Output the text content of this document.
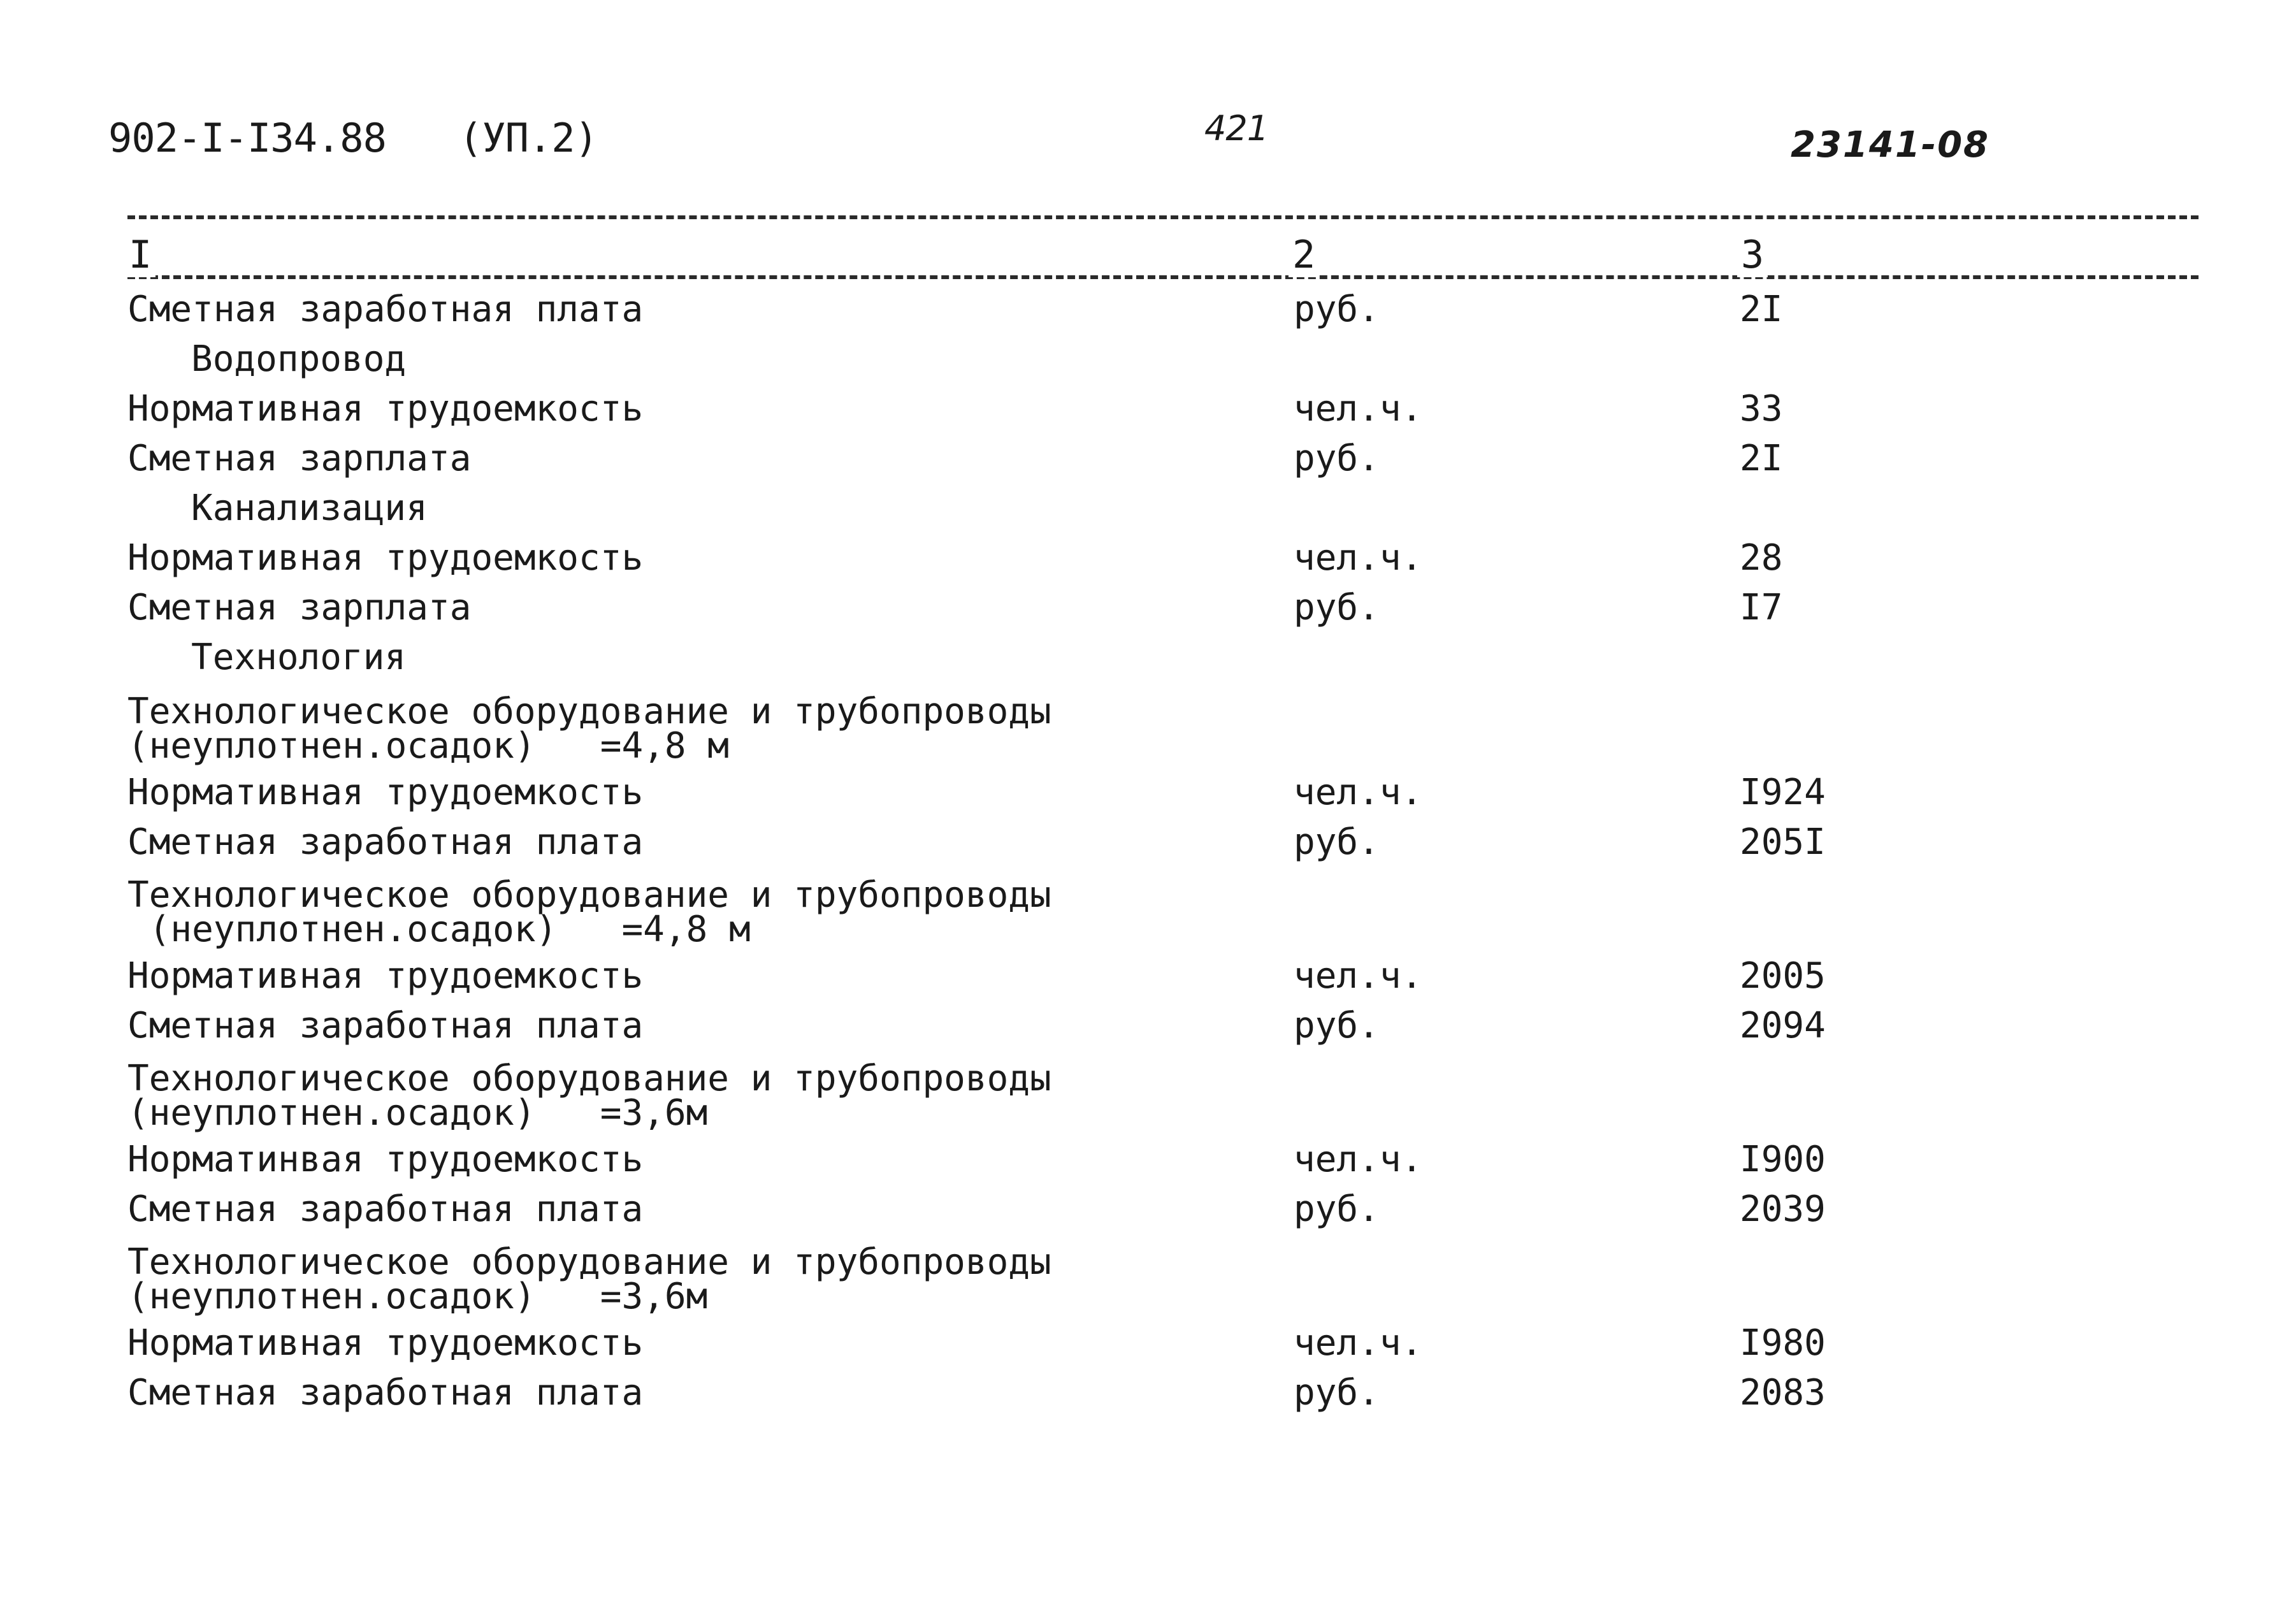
902-I-I34.88 (УП.2)	421	23141-08
I	2	3
Сметная заработная плата	руб.	2I
Водопровод
Нормативная трудоемкость	чел.ч.	33
Сметная зарплата	руб.	2I
Канализация
Нормативная трудоемкость	чел.ч.	28
Сметная зарплата	руб.	I7
Технология
Технологическое оборудование и трубопроводы
(неуплотнен.осадок)   =4,8 м
Нормативная трудоемкость	чел.ч.	I924
Сметная заработная плата	руб.	205I
Технологическое оборудование и трубопроводы
(неуплотнен.осадок)   =4,8 м
Нормативная трудоемкость	чел.ч.	2005
Сметная заработная плата	руб.	2094
Технологическое оборудование и трубопроводы
(неуплотнен.осадок)   =3,6м
Норматинвая трудоемкость	чел.ч.	I900
Сметная заработная плата	руб.	2039
Технологическое оборудование и трубопроводы
(неуплотнен.осадок)   =3,6м
Нормативная трудоемкость	чел.ч.	I980
Сметная заработная плата	руб.	2083
